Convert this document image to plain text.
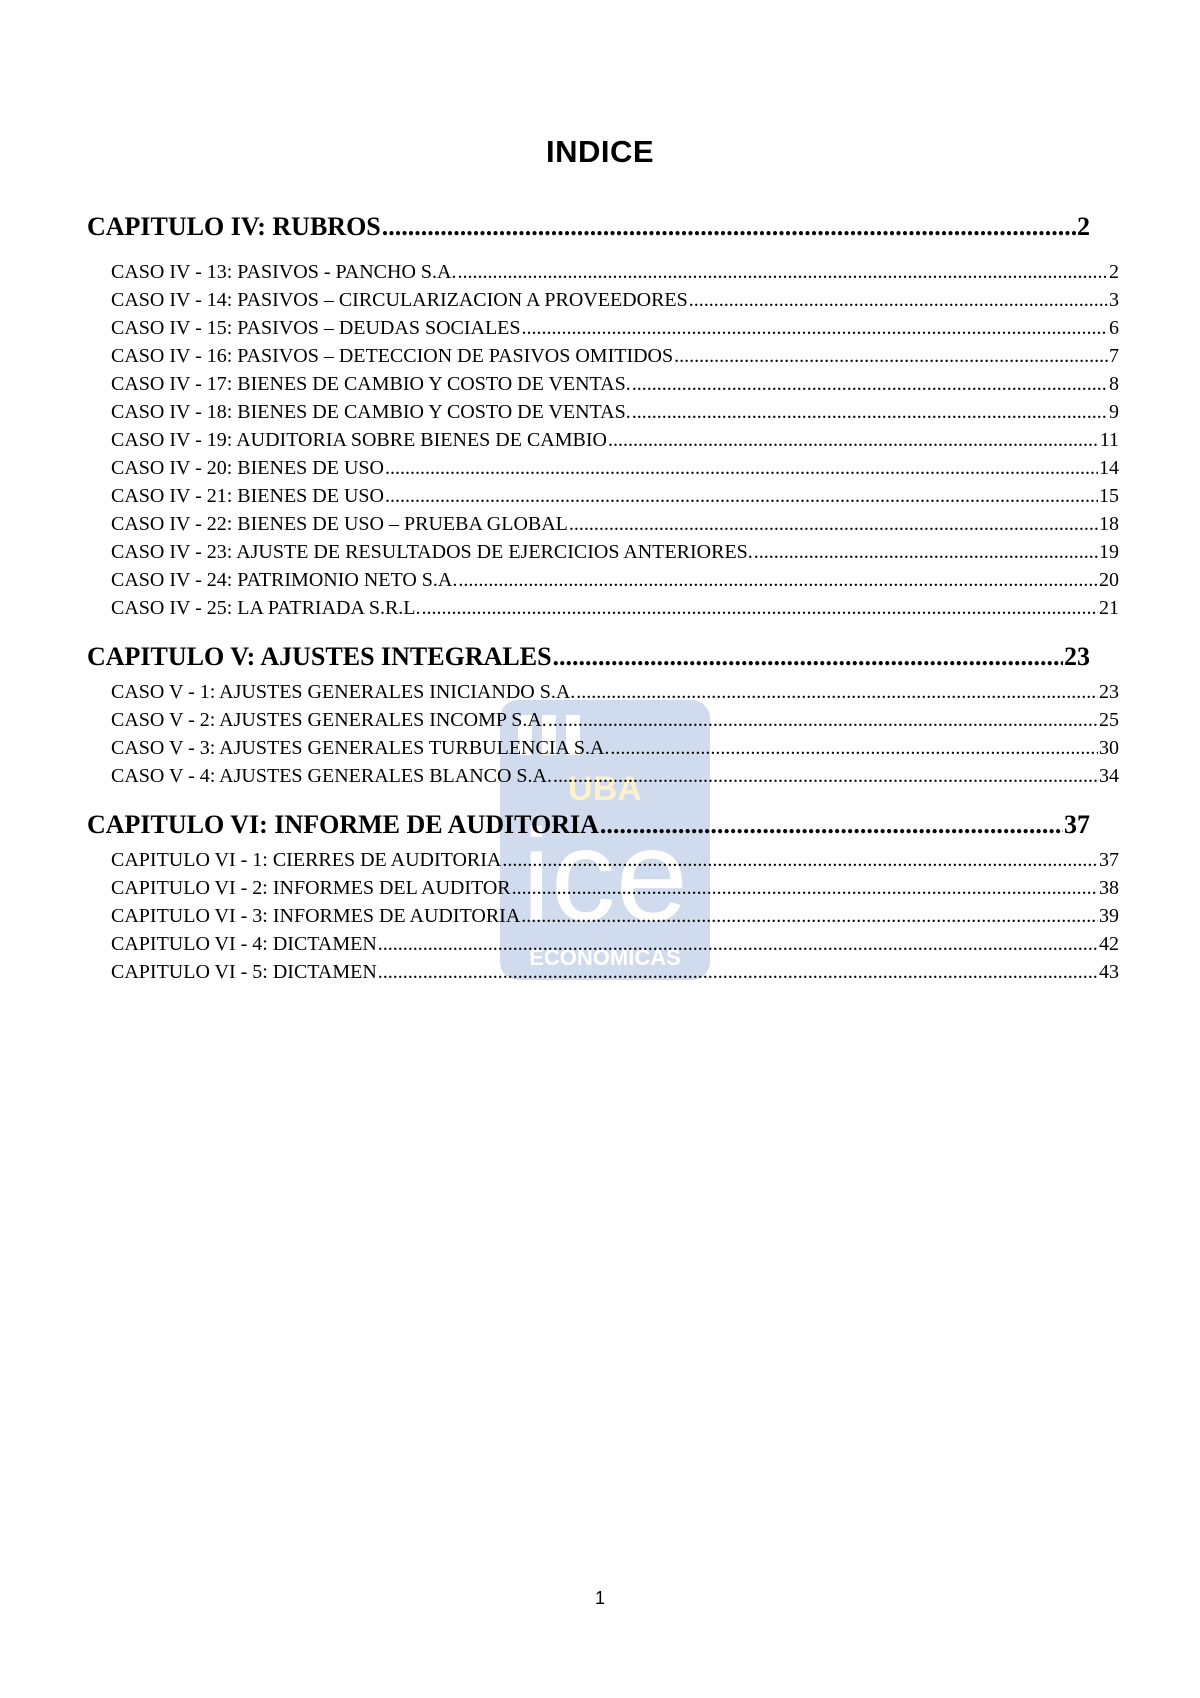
INDICE
UBA
ice
ECONOMICAS
CAPITULO IV: RUBROS .....	2
CASO IV - 13: PASIVOS - PANCHO S.A. .....	2
CASO IV - 14: PASIVOS – CIRCULARIZACION A PROVEEDORES .....	3
CASO IV - 15: PASIVOS – DEUDAS SOCIALES .....	6
CASO IV - 16: PASIVOS – DETECCION DE PASIVOS OMITIDOS .....	7
CASO IV - 17: BIENES DE CAMBIO Y COSTO DE VENTAS. .....	8
CASO IV - 18: BIENES DE CAMBIO Y COSTO DE VENTAS. .....	9
CASO IV - 19: AUDITORIA SOBRE BIENES DE CAMBIO .....	11
CASO IV - 20: BIENES DE USO .....	14
CASO IV - 21: BIENES DE USO .....	15
CASO IV - 22: BIENES DE USO – PRUEBA GLOBAL .....	18
CASO IV - 23: AJUSTE DE RESULTADOS DE EJERCICIOS ANTERIORES. .....	19
CASO IV - 24: PATRIMONIO NETO S.A. .....	20
CASO IV - 25: LA PATRIADA S.R.L. .....	21
CAPITULO V: AJUSTES INTEGRALES .....	23
CASO V - 1: AJUSTES GENERALES INICIANDO S.A. .....	23
CASO V - 2: AJUSTES GENERALES INCOMP S.A. .....	25
CASO V - 3: AJUSTES GENERALES TURBULENCIA S.A. .....	30
CASO V - 4: AJUSTES GENERALES BLANCO S.A. .....	34
CAPITULO VI: INFORME DE AUDITORIA .....	37
CAPITULO VI - 1: CIERRES DE AUDITORIA .....	37
CAPITULO VI - 2: INFORMES DEL AUDITOR .....	38
CAPITULO VI - 3: INFORMES DE AUDITORIA .....	39
CAPITULO VI - 4: DICTAMEN .....	42
CAPITULO VI - 5: DICTAMEN .....	43
1
